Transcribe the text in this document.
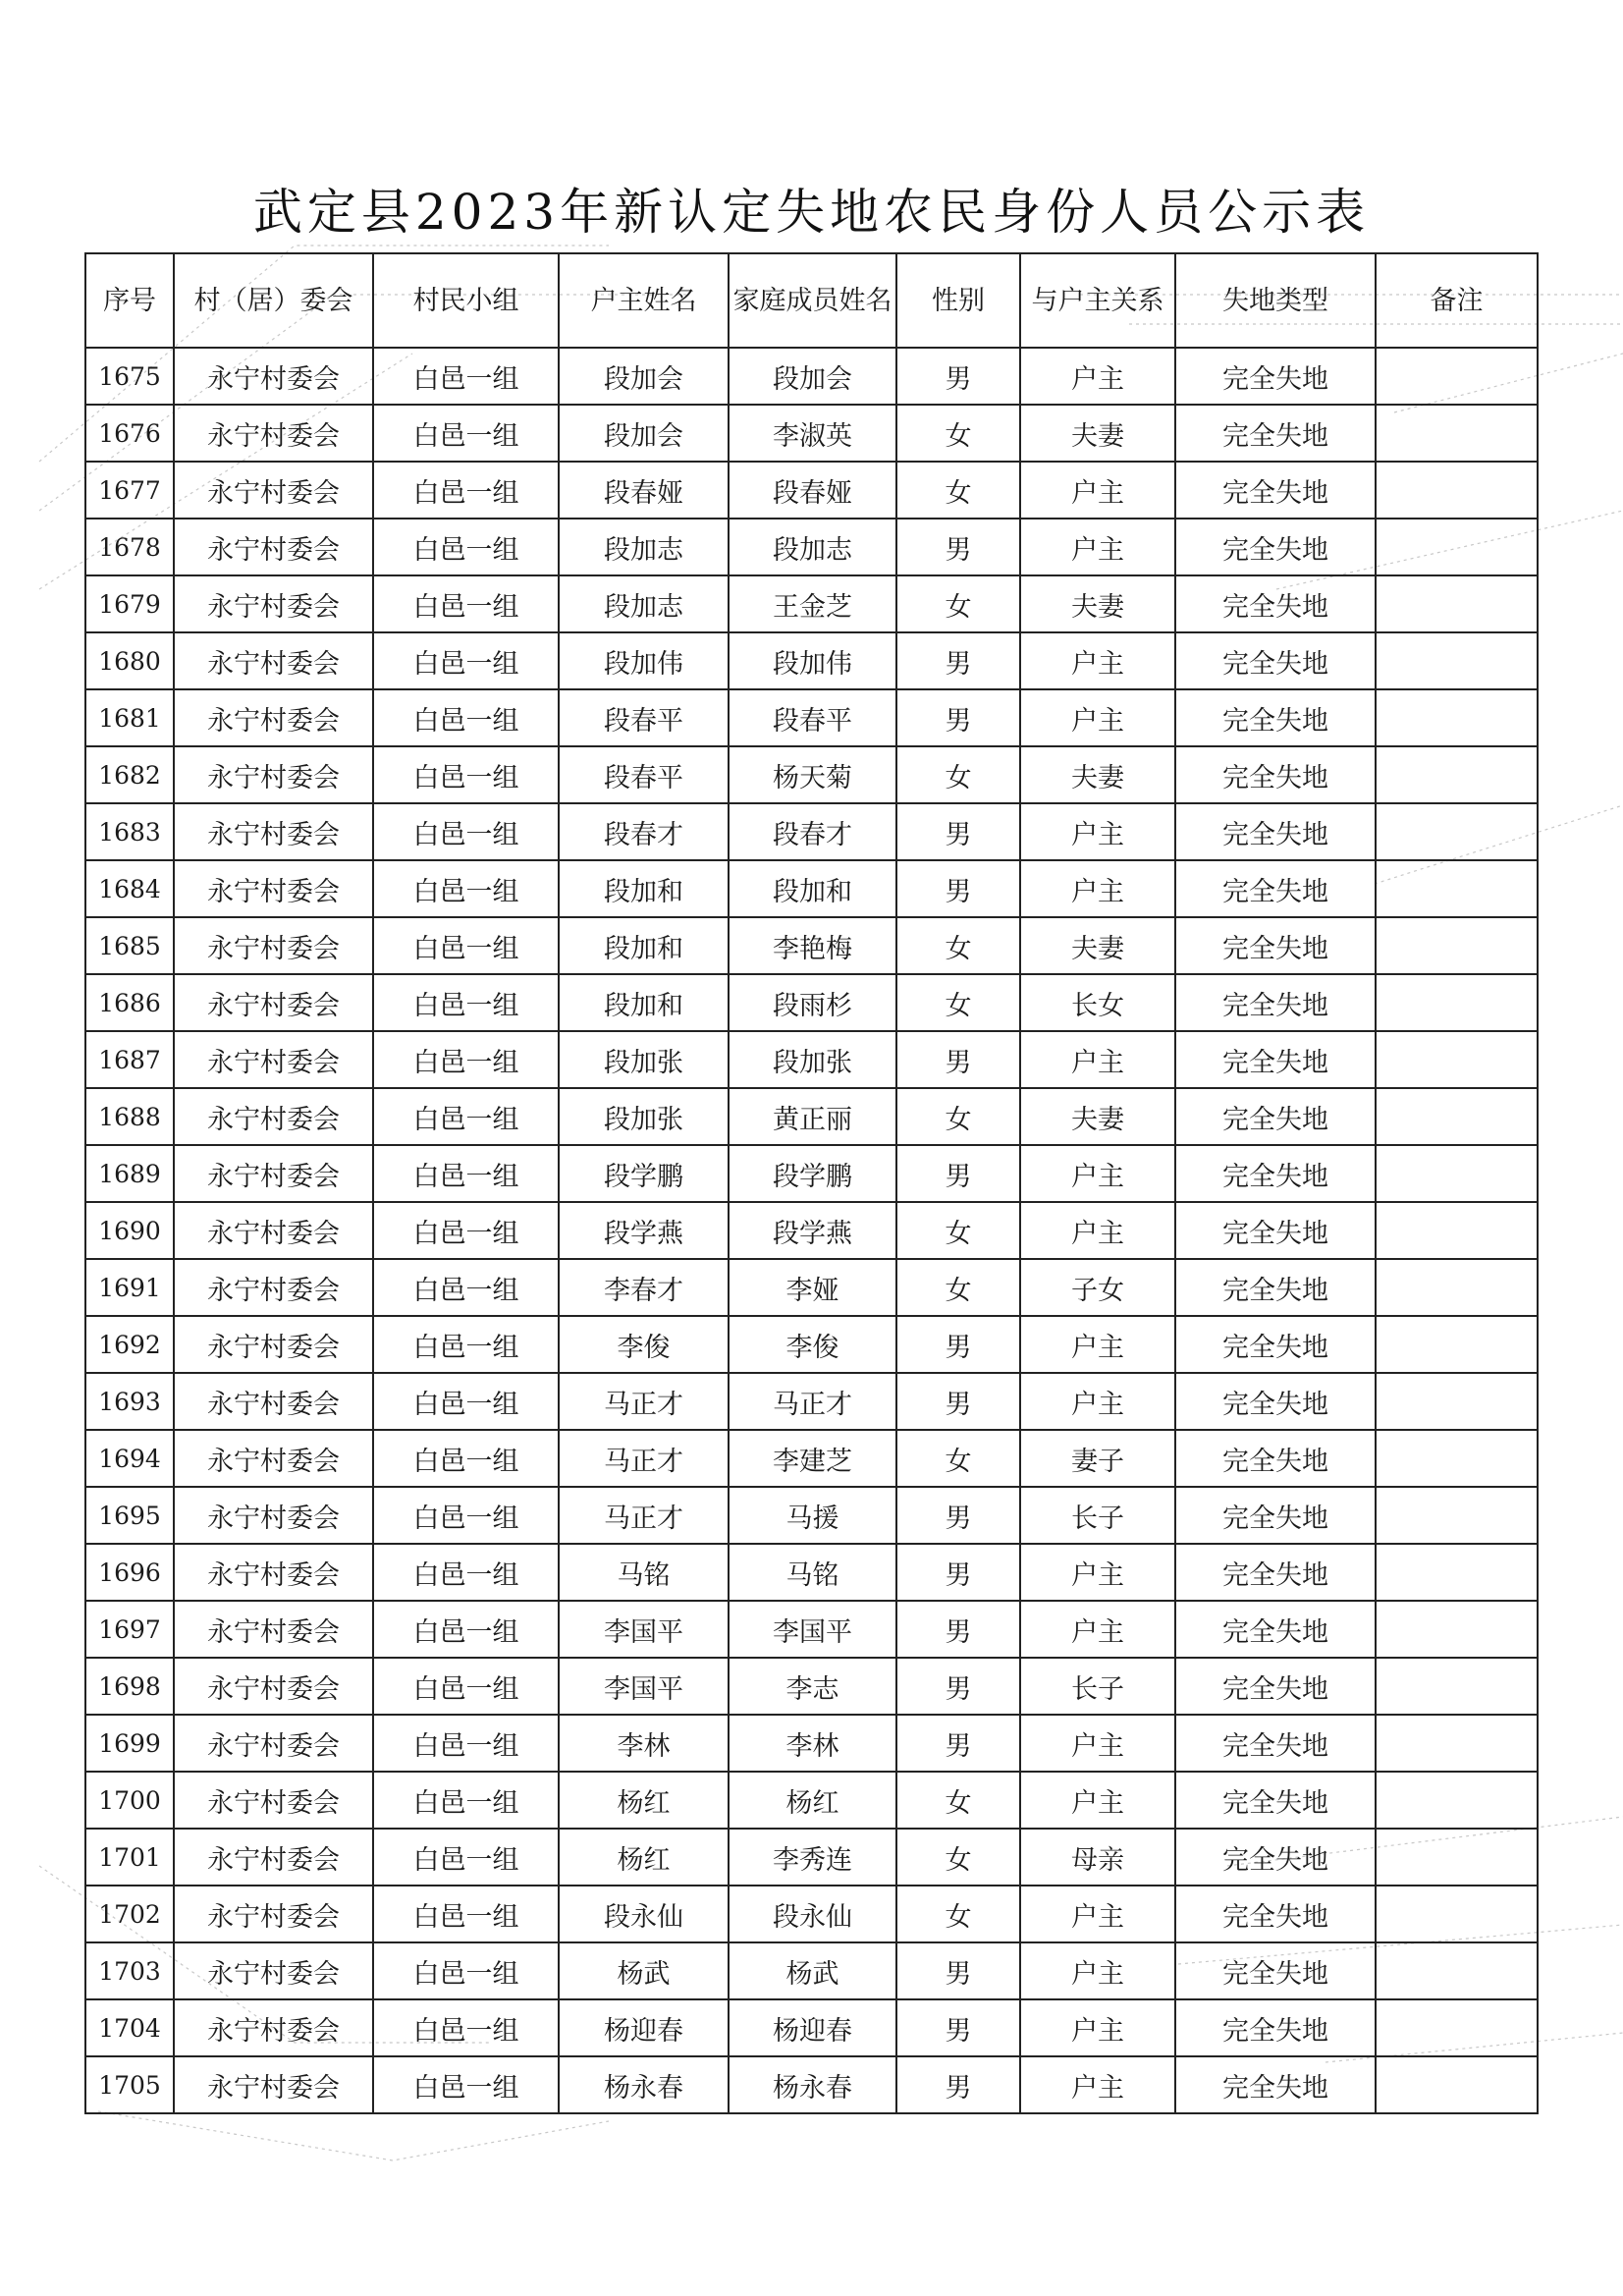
武定县2023年新认定失地农民身份人员公示表
序号	村（居）委会	村民小组	户主姓名	家庭成员姓名	性别	与户主关系	失地类型	备注
1675	永宁村委会	白邑一组	段加会	段加会	男	户主	完全失地	
1676	永宁村委会	白邑一组	段加会	李淑英	女	夫妻	完全失地	
1677	永宁村委会	白邑一组	段春娅	段春娅	女	户主	完全失地	
1678	永宁村委会	白邑一组	段加志	段加志	男	户主	完全失地	
1679	永宁村委会	白邑一组	段加志	王金芝	女	夫妻	完全失地	
1680	永宁村委会	白邑一组	段加伟	段加伟	男	户主	完全失地	
1681	永宁村委会	白邑一组	段春平	段春平	男	户主	完全失地	
1682	永宁村委会	白邑一组	段春平	杨天菊	女	夫妻	完全失地	
1683	永宁村委会	白邑一组	段春才	段春才	男	户主	完全失地	
1684	永宁村委会	白邑一组	段加和	段加和	男	户主	完全失地	
1685	永宁村委会	白邑一组	段加和	李艳梅	女	夫妻	完全失地	
1686	永宁村委会	白邑一组	段加和	段雨杉	女	长女	完全失地	
1687	永宁村委会	白邑一组	段加张	段加张	男	户主	完全失地	
1688	永宁村委会	白邑一组	段加张	黄正丽	女	夫妻	完全失地	
1689	永宁村委会	白邑一组	段学鹏	段学鹏	男	户主	完全失地	
1690	永宁村委会	白邑一组	段学燕	段学燕	女	户主	完全失地	
1691	永宁村委会	白邑一组	李春才	李娅	女	子女	完全失地	
1692	永宁村委会	白邑一组	李俊	李俊	男	户主	完全失地	
1693	永宁村委会	白邑一组	马正才	马正才	男	户主	完全失地	
1694	永宁村委会	白邑一组	马正才	李建芝	女	妻子	完全失地	
1695	永宁村委会	白邑一组	马正才	马援	男	长子	完全失地	
1696	永宁村委会	白邑一组	马铭	马铭	男	户主	完全失地	
1697	永宁村委会	白邑一组	李国平	李国平	男	户主	完全失地	
1698	永宁村委会	白邑一组	李国平	李志	男	长子	完全失地	
1699	永宁村委会	白邑一组	李林	李林	男	户主	完全失地	
1700	永宁村委会	白邑一组	杨红	杨红	女	户主	完全失地	
1701	永宁村委会	白邑一组	杨红	李秀连	女	母亲	完全失地	
1702	永宁村委会	白邑一组	段永仙	段永仙	女	户主	完全失地	
1703	永宁村委会	白邑一组	杨武	杨武	男	户主	完全失地	
1704	永宁村委会	白邑一组	杨迎春	杨迎春	男	户主	完全失地	
1705	永宁村委会	白邑一组	杨永春	杨永春	男	户主	完全失地	
